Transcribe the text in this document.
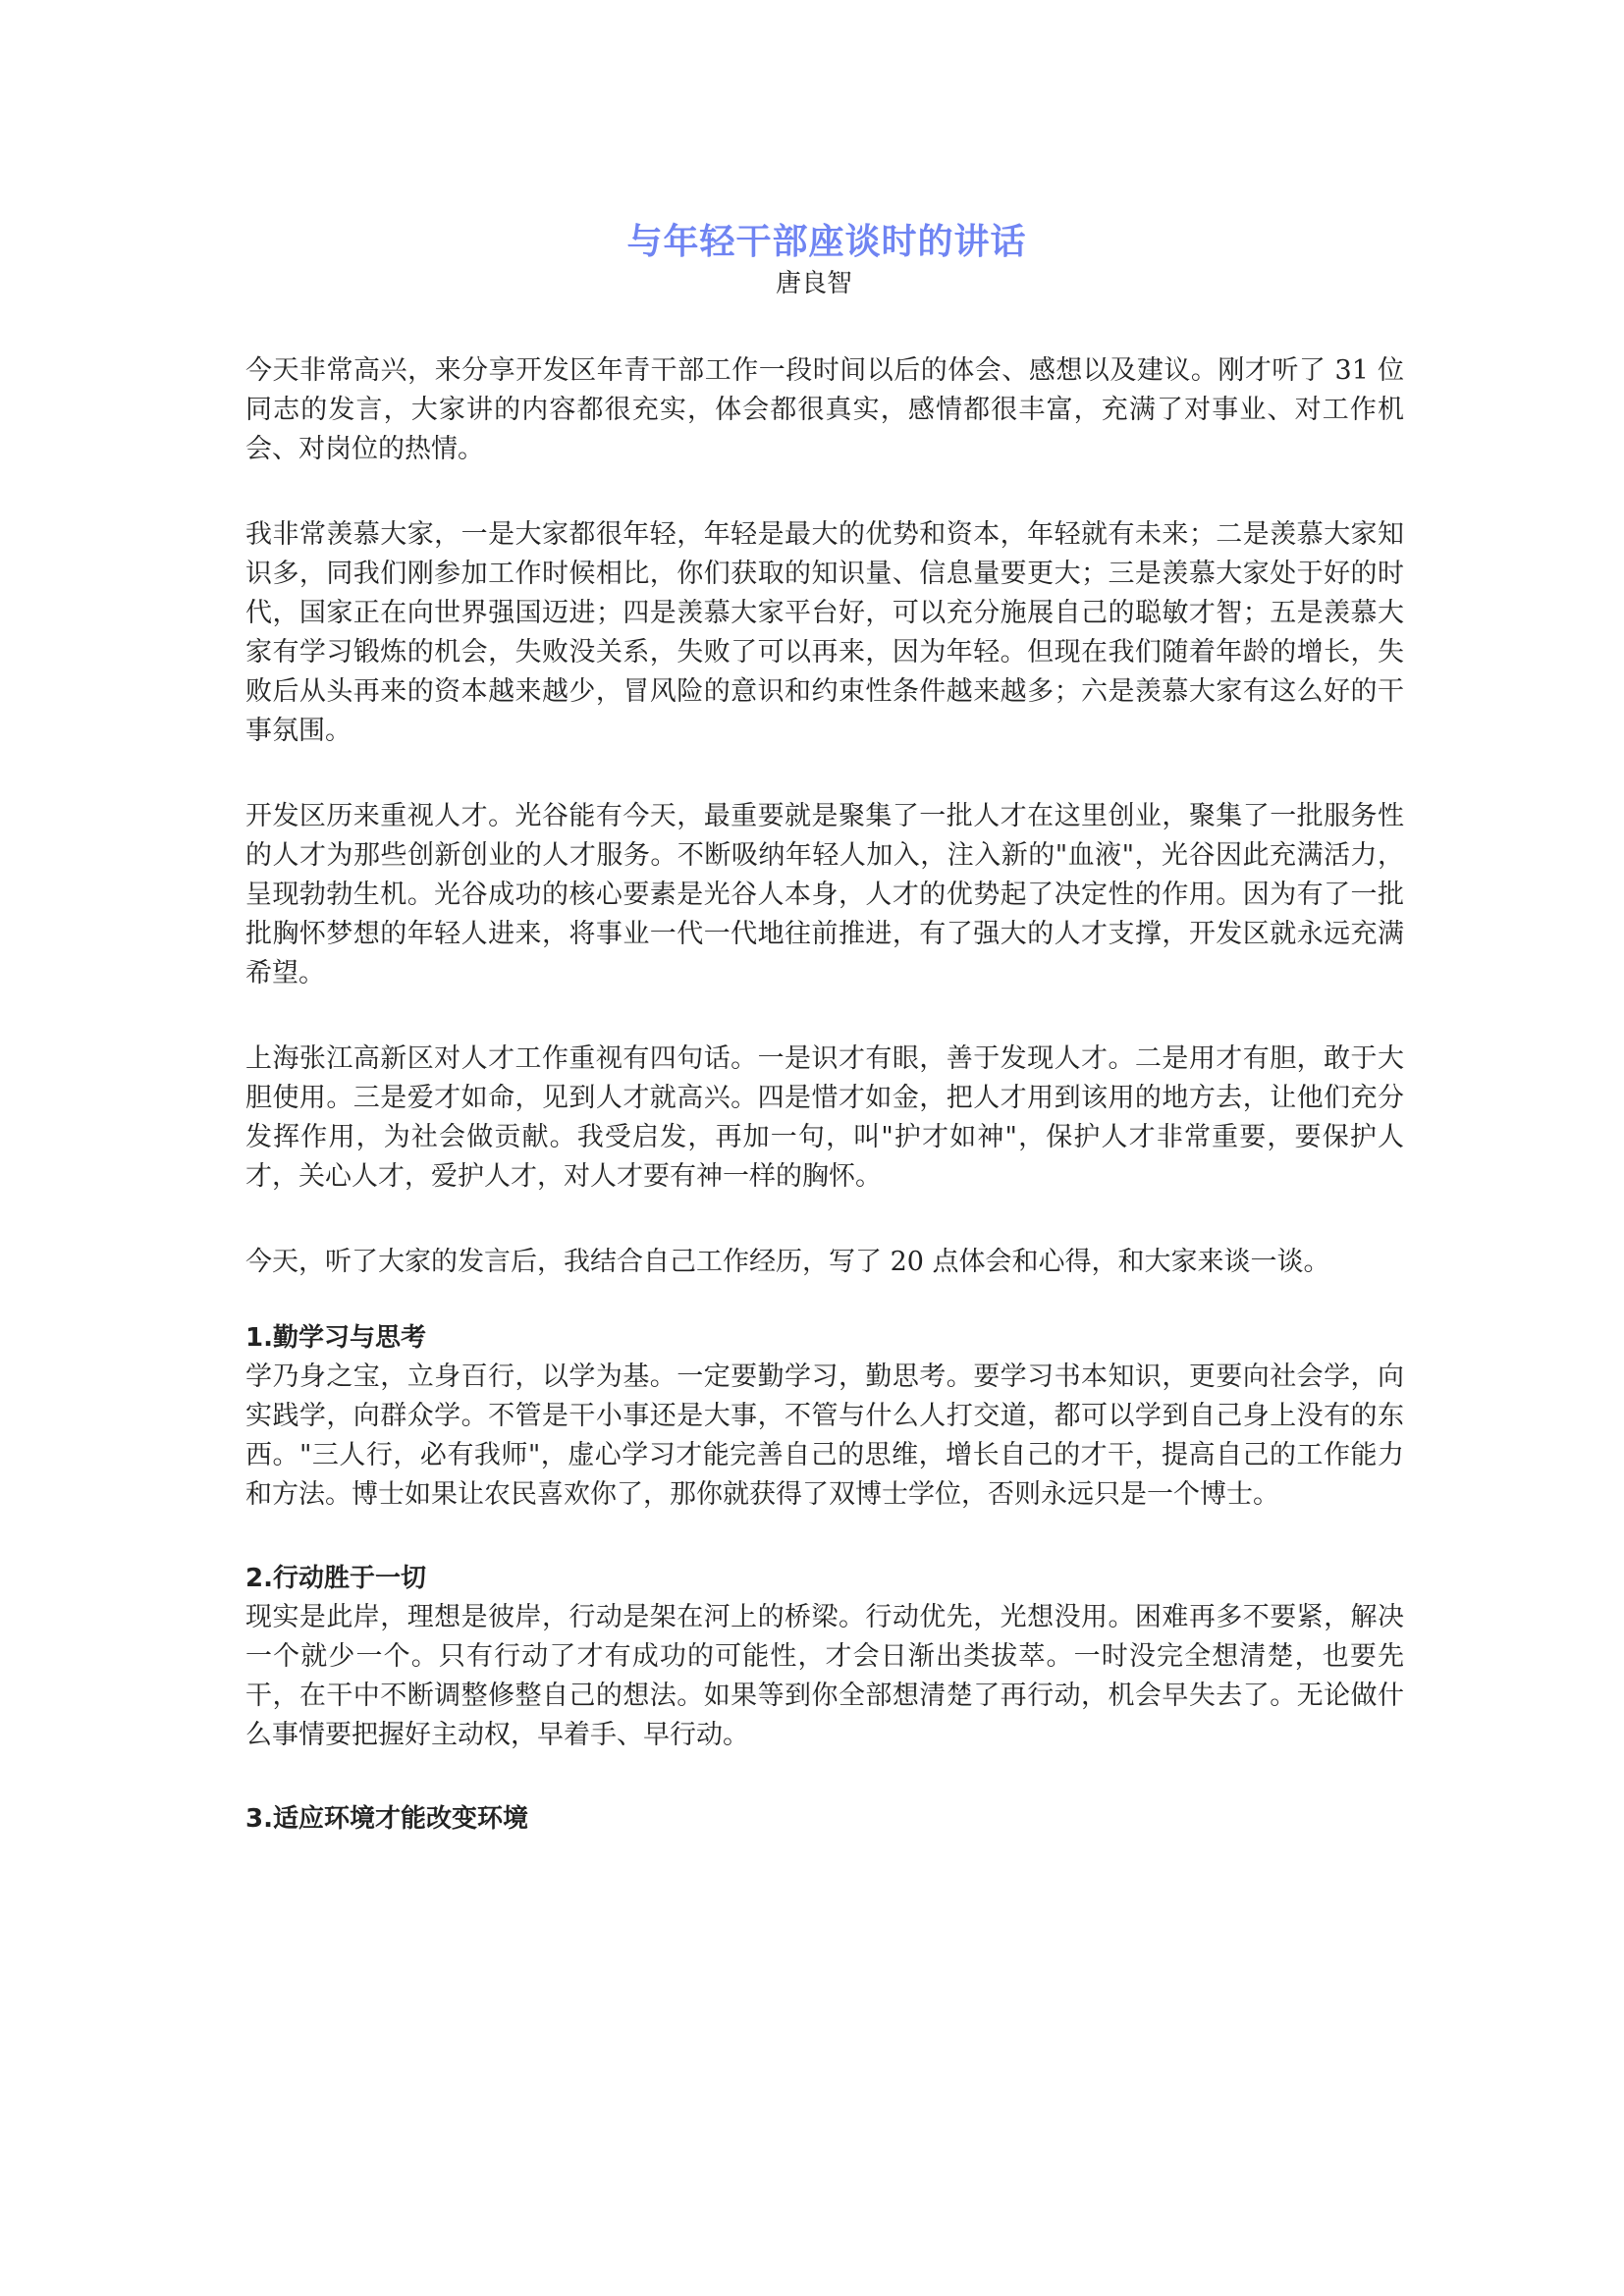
与年轻干部座谈时的讲话
唐良智

今天非常高兴，来分享开发区年青干部工作一段时间以后的体会、感想以及建议。刚才听了 31 位同志的发言，大家讲的内容都很充实，体会都很真实，感情都很丰富，充满了对事业、对工作机会、对岗位的热情。

我非常羡慕大家，一是大家都很年轻，年轻是最大的优势和资本，年轻就有未来；二是羡慕大家知识多，同我们刚参加工作时候相比，你们获取的知识量、信息量要更大；三是羡慕大家处于好的时代，国家正在向世界强国迈进；四是羡慕大家平台好，可以充分施展自己的聪敏才智；五是羡慕大家有学习锻炼的机会，失败没关系，失败了可以再来，因为年轻。但现在我们随着年龄的增长，失败后从头再来的资本越来越少，冒风险的意识和约束性条件越来越多；六是羡慕大家有这么好的干事氛围。

开发区历来重视人才。光谷能有今天，最重要就是聚集了一批人才在这里创业，聚集了一批服务性的人才为那些创新创业的人才服务。不断吸纳年轻人加入，注入新的"血液"，光谷因此充满活力，呈现勃勃生机。光谷成功的核心要素是光谷人本身，人才的优势起了决定性的作用。因为有了一批批胸怀梦想的年轻人进来，将事业一代一代地往前推进，有了强大的人才支撑，开发区就永远充满希望。

上海张江高新区对人才工作重视有四句话。一是识才有眼，善于发现人才。二是用才有胆，敢于大胆使用。三是爱才如命，见到人才就高兴。四是惜才如金，把人才用到该用的地方去，让他们充分发挥作用，为社会做贡献。我受启发，再加一句，叫"护才如神"，保护人才非常重要，要保护人才，关心人才，爱护人才，对人才要有神一样的胸怀。

今天，听了大家的发言后，我结合自己工作经历，写了 20 点体会和心得，和大家来谈一谈。

1.勤学习与思考

学乃身之宝，立身百行，以学为基。一定要勤学习，勤思考。要学习书本知识，更要向社会学，向实践学，向群众学。不管是干小事还是大事，不管与什么人打交道，都可以学到自己身上没有的东西。"三人行，必有我师"，虚心学习才能完善自己的思维，增长自己的才干，提高自己的工作能力和方法。博士如果让农民喜欢你了，那你就获得了双博士学位，否则永远只是一个博士。

2.行动胜于一切

现实是此岸，理想是彼岸，行动是架在河上的桥梁。行动优先，光想没用。困难再多不要紧，解决一个就少一个。只有行动了才有成功的可能性，才会日渐出类拔萃。一时没完全想清楚，也要先干，在干中不断调整修整自己的想法。如果等到你全部想清楚了再行动，机会早失去了。无论做什么事情要把握好主动权，早着手、早行动。

3.适应环境才能改变环境
